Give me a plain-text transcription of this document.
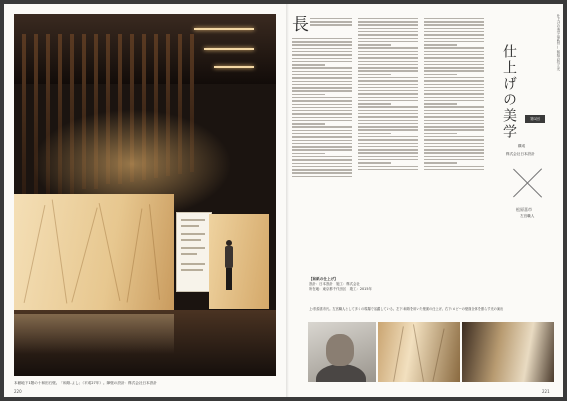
本館地下1階の十和田石壁。「和紙-よし」（平成27年）。障壁の設計：株式会社日本設計
220
長	仕上げの美学 第4回 — 和紙の技と光
仕上げの美学	第1回
構成
株式会社日本設計
松原喜市
左官職人
【和紙の仕上げ】
設計：日本設計　施工：株式会社
所在地：東京都千代田区　竣工：2015年
上:松原喜市氏。左官職人として多くの現場で活躍している。左下:和紙を用いた壁面の仕上げ。右下:ロビーの壁面全体を照らす光の演出
221
